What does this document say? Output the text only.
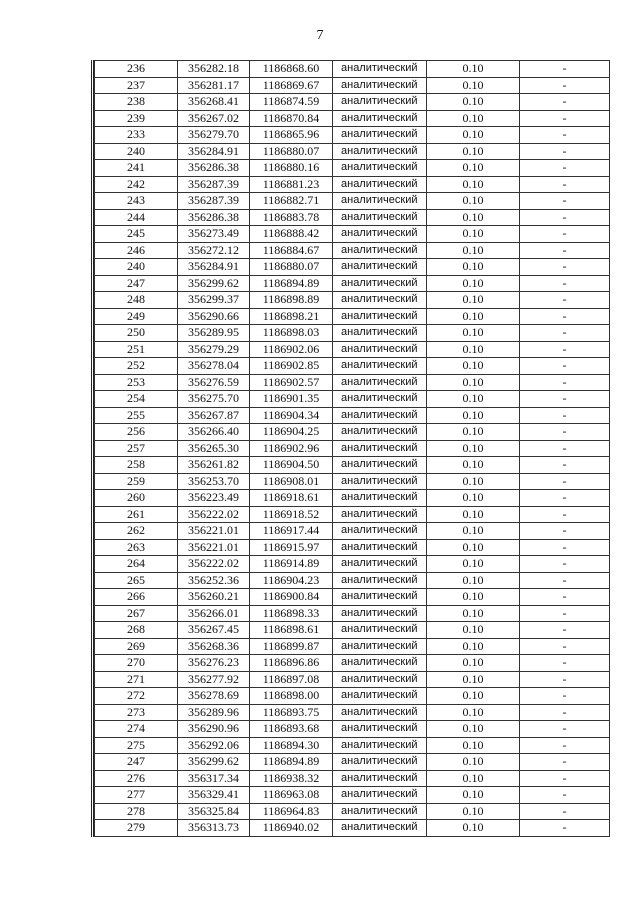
7
236	356282.18	1186868.60	аналитический	0.10	-
237	356281.17	1186869.67	аналитический	0.10	-
238	356268.41	1186874.59	аналитический	0.10	-
239	356267.02	1186870.84	аналитический	0.10	-
233	356279.70	1186865.96	аналитический	0.10	-
240	356284.91	1186880.07	аналитический	0.10	-
241	356286.38	1186880.16	аналитический	0.10	-
242	356287.39	1186881.23	аналитический	0.10	-
243	356287.39	1186882.71	аналитический	0.10	-
244	356286.38	1186883.78	аналитический	0.10	-
245	356273.49	1186888.42	аналитический	0.10	-
246	356272.12	1186884.67	аналитический	0.10	-
240	356284.91	1186880.07	аналитический	0.10	-
247	356299.62	1186894.89	аналитический	0.10	-
248	356299.37	1186898.89	аналитический	0.10	-
249	356290.66	1186898.21	аналитический	0.10	-
250	356289.95	1186898.03	аналитический	0.10	-
251	356279.29	1186902.06	аналитический	0.10	-
252	356278.04	1186902.85	аналитический	0.10	-
253	356276.59	1186902.57	аналитический	0.10	-
254	356275.70	1186901.35	аналитический	0.10	-
255	356267.87	1186904.34	аналитический	0.10	-
256	356266.40	1186904.25	аналитический	0.10	-
257	356265.30	1186902.96	аналитический	0.10	-
258	356261.82	1186904.50	аналитический	0.10	-
259	356253.70	1186908.01	аналитический	0.10	-
260	356223.49	1186918.61	аналитический	0.10	-
261	356222.02	1186918.52	аналитический	0.10	-
262	356221.01	1186917.44	аналитический	0.10	-
263	356221.01	1186915.97	аналитический	0.10	-
264	356222.02	1186914.89	аналитический	0.10	-
265	356252.36	1186904.23	аналитический	0.10	-
266	356260.21	1186900.84	аналитический	0.10	-
267	356266.01	1186898.33	аналитический	0.10	-
268	356267.45	1186898.61	аналитический	0.10	-
269	356268.36	1186899.87	аналитический	0.10	-
270	356276.23	1186896.86	аналитический	0.10	-
271	356277.92	1186897.08	аналитический	0.10	-
272	356278.69	1186898.00	аналитический	0.10	-
273	356289.96	1186893.75	аналитический	0.10	-
274	356290.96	1186893.68	аналитический	0.10	-
275	356292.06	1186894.30	аналитический	0.10	-
247	356299.62	1186894.89	аналитический	0.10	-
276	356317.34	1186938.32	аналитический	0.10	-
277	356329.41	1186963.08	аналитический	0.10	-
278	356325.84	1186964.83	аналитический	0.10	-
279	356313.73	1186940.02	аналитический	0.10	-
